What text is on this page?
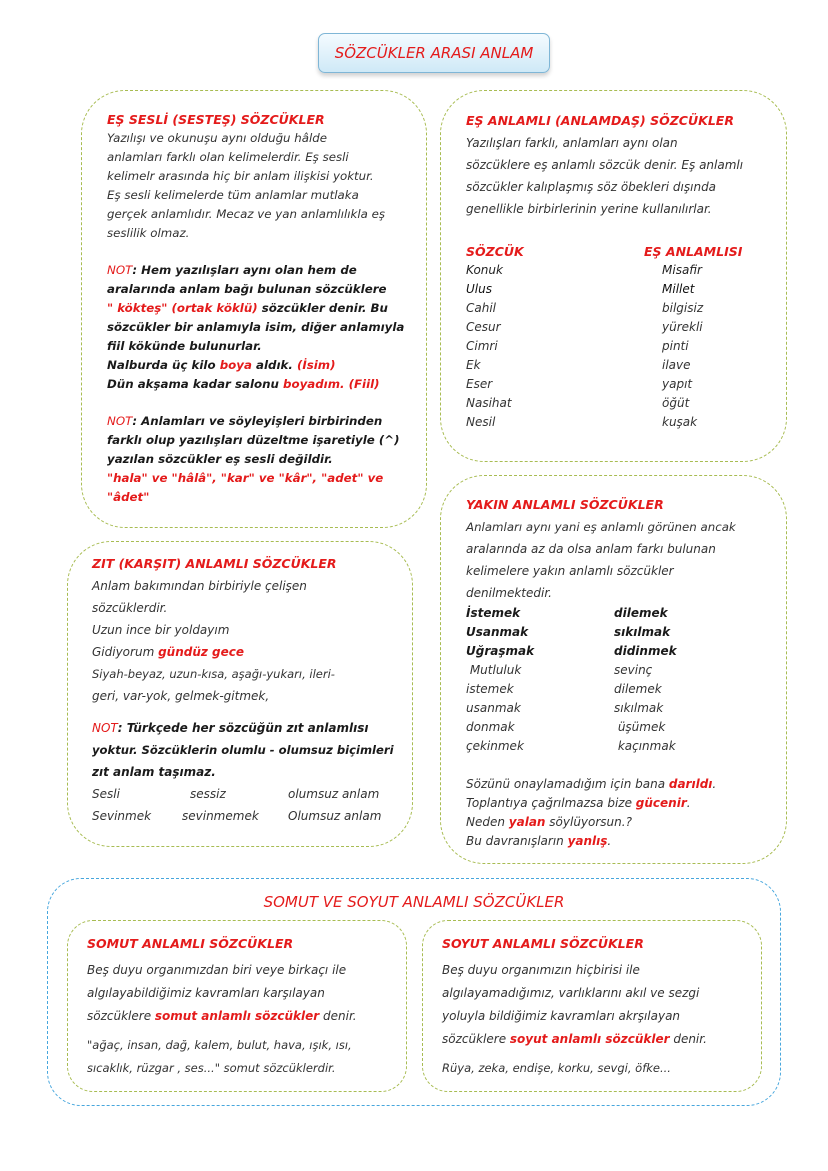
SÖZCÜKLER ARASI ANLAM
EŞ SESLİ (SESTEŞ) SÖZCÜKLER
Yazılışı ve okunuşu aynı olduğu hâlde
anlamları farklı olan kelimelerdir. Eş sesli
kelimelr arasında hiç bir anlam ilişkisi yoktur.
Eş sesli kelimelerde tüm anlamlar mutlaka
gerçek anlamlıdır. Mecaz ve yan anlamlılıkla eş
seslilik olmaz.
NOT: Hem yazılışları aynı olan hem de
aralarında anlam bağı bulunan sözcüklere
" kökteş" (ortak köklü) sözcükler denir. Bu
sözcükler bir anlamıyla isim, diğer anlamıyla
fiil kökünde bulunurlar.
Nalburda üç kilo boya aldık. (İsim)
Dün akşama kadar salonu boyadım. (Fiil)
NOT: Anlamları ve söyleyişleri birbirinden
farklı olup yazılışları düzeltme işaretiyle (^)
yazılan sözcükler eş sesli değildir.
"hala" ve "hâlâ", "kar" ve "kâr", "adet" ve
"âdet"
EŞ ANLAMLI (ANLAMDAŞ) SÖZCÜKLER
Yazılışları farklı, anlamları aynı olan
sözcüklere eş anlamlı sözcük denir. Eş anlamlı
sözcükler kalıplaşmış söz öbekleri dışında
genellikle birbirlerinin yerine kullanılırlar.
SÖZCÜK	EŞ ANLAMLISI
Konuk	Misafir
Ulus	Millet
Cahil	bilgisiz
Cesur	yürekli
Cimri	pinti
Ek	ilave
Eser	yapıt
Nasihat	öğüt
Nesil	kuşak
ZIT (KARŞIT) ANLAMLI SÖZCÜKLER
Anlam bakımından birbiriyle çelişen
sözcüklerdir.
Uzun ince bir yoldayım
Gidiyorum gündüz gece
Siyah-beyaz, uzun-kısa, aşağı-yukarı, ileri-
geri, var-yok, gelmek-gitmek,
NOT: Türkçede her sözcüğün zıt anlamlısı
yoktur. Sözcüklerin olumlu - olumsuz biçimleri
zıt anlam taşımaz.
Sesli	sessiz	olumsuz anlam
Sevinmek	sevinmemek	Olumsuz anlam
YAKIN ANLAMLI SÖZCÜKLER
Anlamları aynı yani eş anlamlı görünen ancak
aralarında az da olsa anlam farkı bulunan
kelimelere yakın anlamlı sözcükler
denilmektedir.
İstemek	dilemek
Usanmak	sıkılmak
Uğraşmak	didinmek
Mutluluk	sevinç
istemek	dilemek
usanmak	sıkılmak
donmak	üşümek
çekinmek	kaçınmak
Sözünü onaylamadığım için bana darıldı.
Toplantıya çağrılmazsa bize gücenir.
Neden yalan söylüyorsun.?
Bu davranışların yanlış.
SOMUT VE SOYUT ANLAMLI SÖZCÜKLER
SOMUT ANLAMLI SÖZCÜKLER
Beş duyu organımızdan biri veye birkaçı ile
algılayabildiğimiz kavramları karşılayan
sözcüklere somut anlamlı sözcükler denir.
"ağaç, insan, dağ, kalem, bulut, hava, ışık, ısı,
sıcaklık, rüzgar , ses..." somut sözcüklerdir.
SOYUT ANLAMLI SÖZCÜKLER
Beş duyu organımızın hiçbirisi ile
algılayamadığımız, varlıklarını akıl ve sezgi
yoluyla bildiğimiz kavramları akrşılayan
sözcüklere soyut anlamlı sözcükler denir.
Rüya, zeka, endişe, korku, sevgi, öfke...
